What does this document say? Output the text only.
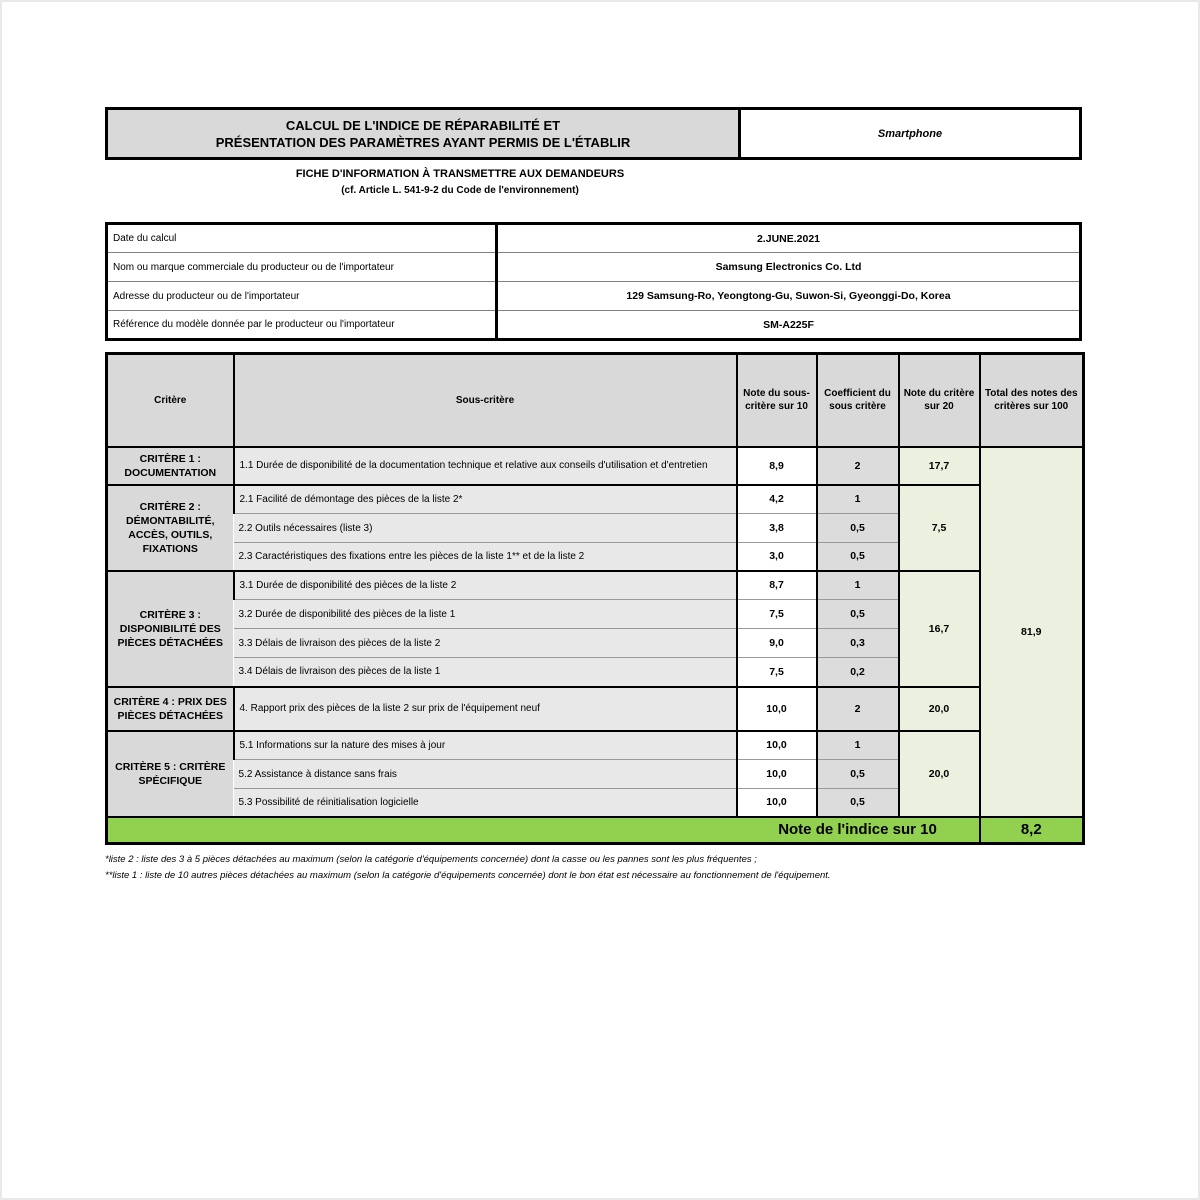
CALCUL DE L'INDICE DE RÉPARABILITÉ ET
PRÉSENTATION DES PARAMÈTRES AYANT PERMIS DE L'ÉTABLIR
Smartphone
FICHE D'INFORMATION À TRANSMETTRE AUX DEMANDEURS
(cf. Article L. 541-9-2 du Code de l'environnement)
Date du calcul	2.JUNE.2021
Nom ou marque commerciale du producteur ou de l'importateur	Samsung Electronics Co. Ltd
Adresse du producteur ou de l'importateur	129 Samsung-Ro, Yeongtong-Gu, Suwon-Si, Gyeonggi-Do, Korea
Référence du modèle donnée par le producteur ou l'importateur	SM-A225F
Critère	Sous-critère	Note du sous-critère sur 10	Coefficient du sous critère	Note du critère sur 20	Total des notes des critères sur 100
CRITÈRE 1 : DOCUMENTATION	1.1 Durée de disponibilité de la documentation technique et relative aux conseils d'utilisation et d'entretien	8,9	2	17,7	81,9
CRITÈRE 2 : DÉMONTABILITÉ, ACCÈS, OUTILS, FIXATIONS	2.1 Facilité de démontage des pièces de la liste 2*	4,2	1	7,5	
	2.2 Outils nécessaires (liste 3)	3,8	0,5		
	2.3 Caractéristiques des fixations entre les pièces de la liste 1** et de la liste 2	3,0	0,5		
CRITÈRE 3 : DISPONIBILITÉ DES PIÈCES DÉTACHÉES	3.1 Durée de disponibilité des pièces de la liste 2	8,7	1	16,7	
	3.2 Durée de disponibilité des pièces de la liste 1	7,5	0,5		
	3.3 Délais de livraison des pièces de la liste 2	9,0	0,3		
	3.4 Délais de livraison des pièces de la liste 1	7,5	0,2		
CRITÈRE 4 : PRIX DES PIÈCES DÉTACHÉES	4. Rapport prix des pièces de la liste 2 sur prix de l'équipement neuf	10,0	2	20,0	
CRITÈRE 5 : CRITÈRE SPÉCIFIQUE	5.1 Informations sur la nature des mises à jour	10,0	1	20,0	
	5.2 Assistance à distance sans frais	10,0	0,5		
	5.3 Possibilité de réinitialisation logicielle	10,0	0,5		
		Note de l'indice sur 10			8,2
*liste 2 : liste des 3 à 5 pièces détachées au maximum (selon la catégorie d'équipements concernée) dont la casse ou les pannes sont les plus fréquentes ;
**liste 1 : liste de 10 autres pièces détachées au maximum (selon la catégorie d'équipements concernée) dont le bon état est nécessaire au fonctionnement de l'équipement.
